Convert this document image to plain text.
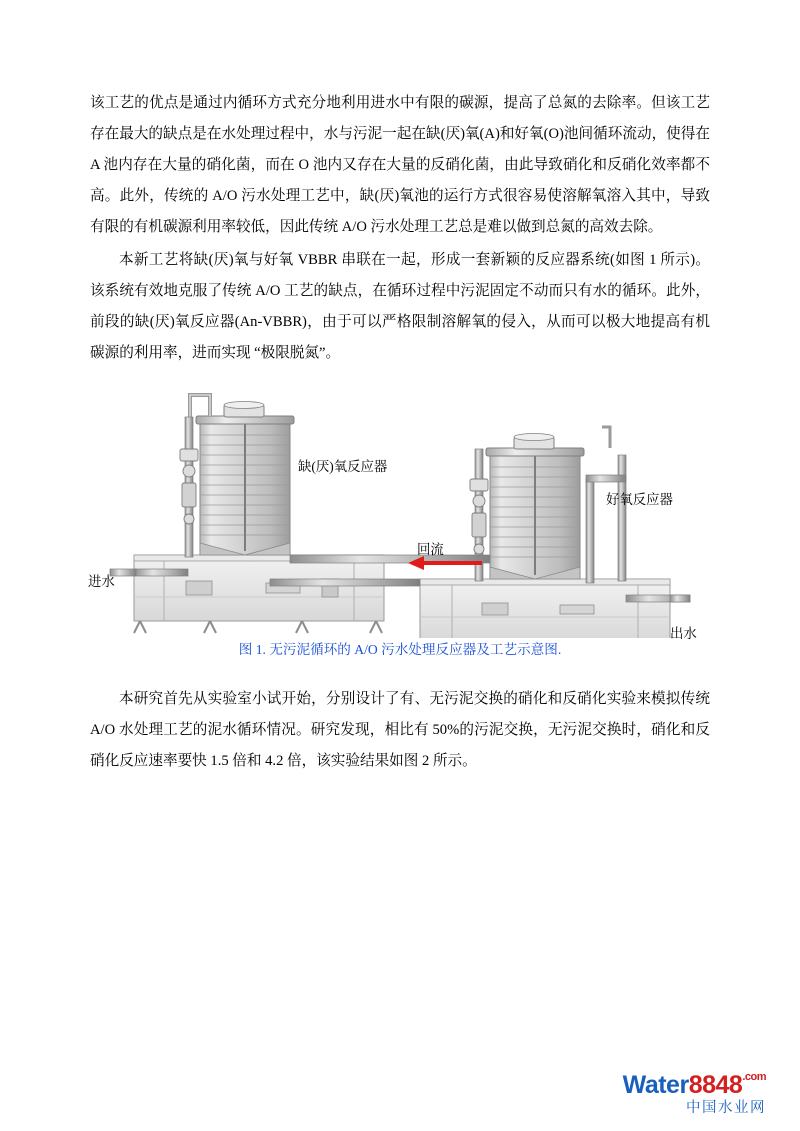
该工艺的优点是通过内循环方式充分地利用进水中有限的碳源，提高了总氮的去除率。但该工艺存在最大的缺点是在水处理过程中，水与污泥一起在缺(厌)氧(A)和好氧(O)池间循环流动，使得在 A 池内存在大量的硝化菌，而在 O 池内又存在大量的反硝化菌，由此导致硝化和反硝化效率都不高。此外，传统的 A/O 污水处理工艺中，缺(厌)氧池的运行方式很容易使溶解氧溶入其中，导致有限的有机碳源利用率较低，因此传统 A/O 污水处理工艺总是难以做到总氮的高效去除。

本新工艺将缺(厌)氧与好氧 VBBR 串联在一起，形成一套新颖的反应器系统(如图 1 所示)。该系统有效地克服了传统 A/O 工艺的缺点，在循环过程中污泥固定不动而只有水的循环。此外，前段的缺(厌)氧反应器(An-VBBR)，由于可以严格限制溶解氧的侵入，从而可以极大地提高有机碳源的利用率，进而实现 “极限脱氮”。

缺(厌)氧反应器
好氧反应器
回流
进水
出水
图 1. 无污泥循环的 A/O 污水处理反应器及工艺示意图.

本研究首先从实验室小试开始，分别设计了有、无污泥交换的硝化和反硝化实验来模拟传统 A/O 水处理工艺的泥水循环情况。研究发现，相比有 50%的污泥交换，无污泥交换时，硝化和反硝化反应速率要快 1.5 倍和 4.2 倍，该实验结果如图 2 所示。

$Water8848^{.com}$
中国水业网
